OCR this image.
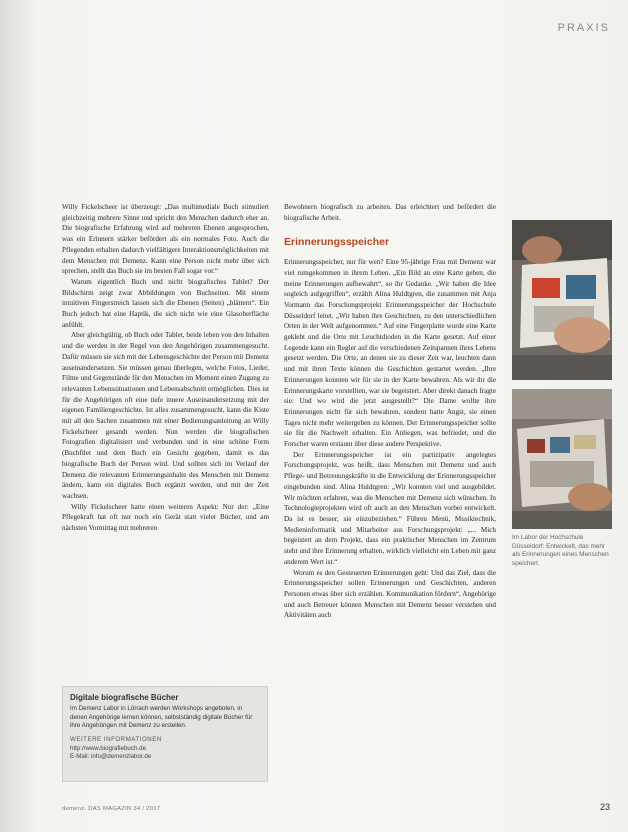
PRAXIS

Willy Fickelscheer ist überzeugt: „Das multimediale Buch stimuliert gleichzeitig mehrere Sinne und spricht den Menschen dadurch eher an. Die biografische Erfahrung wird auf mehreren Ebenen angesprochen, was ein Erinnern stärker befördert als ein normales Foto. Auch die Pflegenden erhalten dadurch vielfältigere Interaktionsmöglichkeiten mit dem Menschen mit Demenz. Kann eine Person nicht mehr über sich sprechen, stellt das Buch sie im besten Fall sogar vor.“

Warum eigentlich Buch und nicht biografisches Tablet? Der Bildschirm zeigt zwar Abbildungen von Buchseiten. Mit einem intuitiven Fingerstreich lassen sich die Ebenen (Seiten) „blättern“. Ein Buch jedoch hat eine Haptik, die sich nicht wie eine Glasoberfläche anfühlt.

Aber gleichgültig, ob Buch oder Tablet, beide leben von den Inhalten und die werden in der Regel von den Angehörigen zusammengesucht. Dafür müssen sie sich mit der Lebensgeschichte der Person mit Demenz auseinandersetzen. Sie müssen genau überlegen, welche Fotos, Lieder, Filme und Gegenstände für den Menschen im Moment einen Zugang zu relevanten Lebenssituationen und Lebensabschnitt ermöglichen. Dies ist für die Angehörigen oft eine tiefe innere Auseinandersetzung mit der eigenen Familiengeschichte. Ist alles zusammengesucht, kann die Kiste mit all den Sachen zusammen mit einer Bedienungsanleitung an Willy Fickelscheer gesandt werden. Nun werden die biografischen Fotografien digitalisiert und verbunden und in eine schöne Form (Buchfilet und dem Buch ein Gesicht gegeben, damit es das biografische Buch der Person wird. Und sollten sich im Verlauf der Demenz die relevanten Erinnerungsinhalte des Menschen mit Demenz ändern, kann ein digitales Buch ergänzt werden, und mit der Zeit wachsen.

Willy Fickelscheer hatte einen weiteren Aspekt: Nur der: „Eine Pflegekraft hat oft nur noch ein Gerät statt vieler Bücher, und am nächsten Vormittag mit mehreren

Bewohnern biografisch zu arbeiten. Das erleichtert und befördert die biografische Arbeit.

Erinnerungsspeicher

Erinnerungsspeicher, nur für wen? Eine 95-jährige Frau mit Demenz war viel rumgekommen in ihrem Leben. „Ein Bild an eine Karte geben, die meine Erinnerungen aufbewahrt“, so ihr Gedanke. „Wir haben die Idee sogleich aufgegriffen“, erzählt Alina Huldtgren, die zusammen mit Anja Vormann das Forschungsprojekt Erinnerungsspeicher der Hochschule Düsseldorf leitet. „Wir haben ihre Geschichten, zu den unterschiedlichen Orten in der Welt aufgenommen.“ Auf eine Fingerplatte wurde eine Karte geklebt und die Orte mit Leuchtdioden in die Karte gesetzt. Auf einer Legende kann ein Regler auf die verschiedenen Zeitspannen ihres Lebens gesetzt werden. Die Orte, an denen sie zu dieser Zeit war, leuchten dann und mit ihren Texte können die Geschichten gestartet werden. „Ihre Erinnerungen konnten wir für sie in der Karte bewahren. Als wir ihr die Erinnerungskarte vorstellten, war sie begeistert. Aber direkt danach fragte sie: Und wo wird die jetzt ausgestellt?“ Die Dame wollte ihre Erinnerungen nicht für sich bewahren, sondern hatte Angst, sie einen Tages nicht mehr weitergeben zu können. Der Erinnerungsspeicher sollte sie für die Nachwelt erhalten. Ein Anliegen, was befriedet, und die Forscher waren erstaunt über diese andere Perspektive.

Der Erinnerungsspeicher ist ein partizipativ angelegtes Forschungsprojekt, was heißt, dass Menschen mit Demenz und auch Pflege- und Betreuungskräfte in die Entwicklung der Erinnerungsspeicher eingebunden sind. Alina Huldtgren: „Wir konnten viel und ausgebildet. Wir möchten erfahren, was die Menschen mit Demenz sich wünschen. In Technologieprojekten wird oft auch an den Menschen vorbei entwickelt. Da ist es besser, sie einzubeziehen.“ Führen Menü, Musiktechnik, Medieninformatik und Mitarbeiter aus Forschungsprojekt: „... Mich begeistert an dem Projekt, dass ein praktischer Menschen im Zentrum steht und ihre Erinnerung erhalten, wirklich vielleicht ein Leben mit ganz anderem Wert ist.“

Worum es den Gesteuerten Erinnerungen geht: Und das Ziel, dass die Erinnerungsspeicher sollen Erinnerungen und Geschichten, anderen Personen etwas über sich erzählen. Kommunikation fördern“, Angehörige und auch Betreuer können Menschen mit Demenz besser verstehen und Aktivitäten auch

Im Labor der Hochschule Düsseldorf: Entwickelt, das mehr als Erinnerungen eines Menschen speichert.
Digitale biografische Bücher
Im Demenz Labor in Lörrach werden Workshops angeboten, in denen Angehörige lernen können, selbstständig digitale Bücher für ihre Angehörigen mit Demenz zu erstellen.
WEITERE INFORMATIONEN
http://www.biografiebuch.de
E-Mail: info@demenzlabor.de
demenz. DAS MAGAZIN 34 / 2017	23
